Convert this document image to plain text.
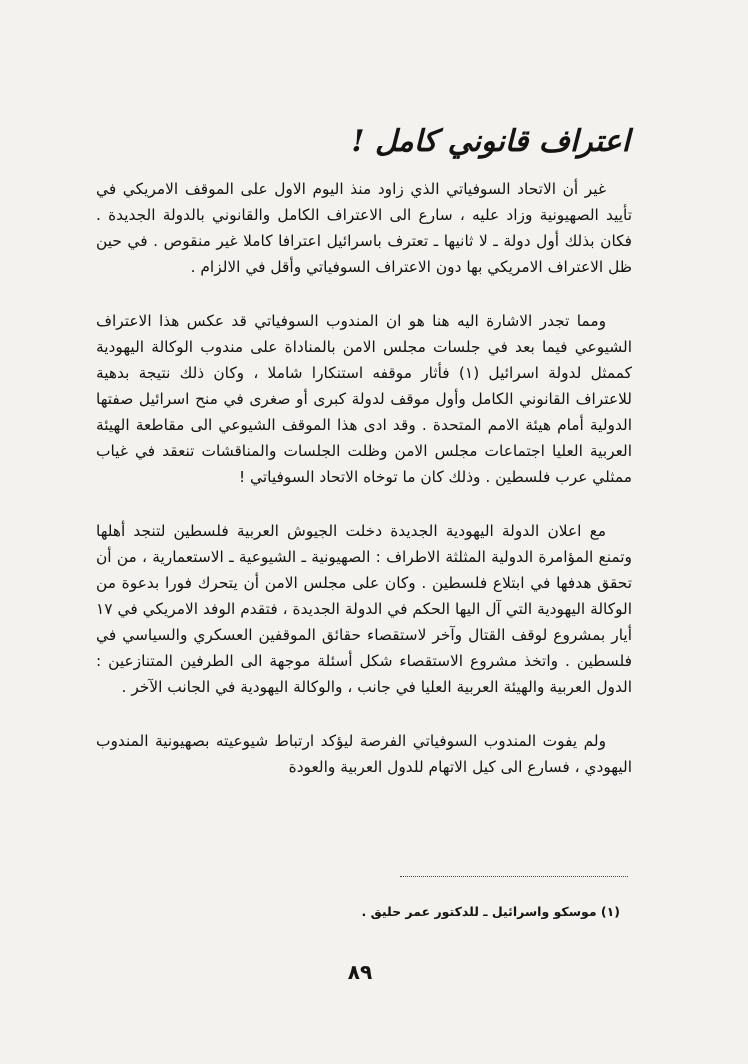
اعتراف قانوني كامل !

غير أن الاتحاد السوفياتي الذي زاود منذ اليوم الاول على الموقف الامريكي في تأييد الصهيونية وزاد عليه ، سارع الى الاعتراف الكامل والقانوني بالدولة الجديدة . فكان بذلك أول دولة ـ لا ثانيها ـ تعترف باسرائيل اعترافا كاملا غير منقوص . في حين ظل الاعتراف الامريكي بها دون الاعتراف السوفياتي وأقل في الالزام .

ومما تجدر الاشارة اليه هنا هو ان المندوب السوفياتي قد عكس هذا الاعتراف الشيوعي فيما بعد في جلسات مجلس الامن بالمناداة على مندوب الوكالة اليهودية كممثل لدولة اسرائيل (١) فأثار موقفه استنكارا شاملا ، وكان ذلك نتيجة بدهية للاعتراف القانوني الكامل وأول موقف لدولة كبرى أو صغرى في منح اسرائيل صفتها الدولية أمام هيئة الامم المتحدة . وقد ادى هذا الموقف الشيوعي الى مقاطعة الهيئة العربية العليا اجتماعات مجلس الامن وظلت الجلسات والمناقشات تنعقد في غياب ممثلي عرب فلسطين . وذلك كان ما توخاه الاتحاد السوفياتي !

مع اعلان الدولة اليهودية الجديدة دخلت الجيوش العربية فلسطين لتنجد أهلها وتمنع المؤامرة الدولية المثلثة الاطراف : الصهيونية ـ الشيوعية ـ الاستعمارية ، من أن تحقق هدفها في ابتلاع فلسطين . وكان على مجلس الامن أن يتحرك فورا بدعوة من الوكالة اليهودية التي آل اليها الحكم في الدولة الجديدة ، فتقدم الوفد الامريكي في ١٧ أيار بمشروع لوقف القتال وآخر لاستقصاء حقائق الموقفين العسكري والسياسي في فلسطين . واتخذ مشروع الاستقصاء شكل أسئلة موجهة الى الطرفين المتنازعين : الدول العربية والهيئة العربية العليا في جانب ، والوكالة اليهودية في الجانب الآخر .

ولم يفوت المندوب السوفياتي الفرصة ليؤكد ارتباط شيوعيته بصهيونية المندوب اليهودي ، فسارع الى كيل الاتهام للدول العربية والعودة

(١) موسكو واسرائيل ـ للدكتور عمر حليق .

٨٩
